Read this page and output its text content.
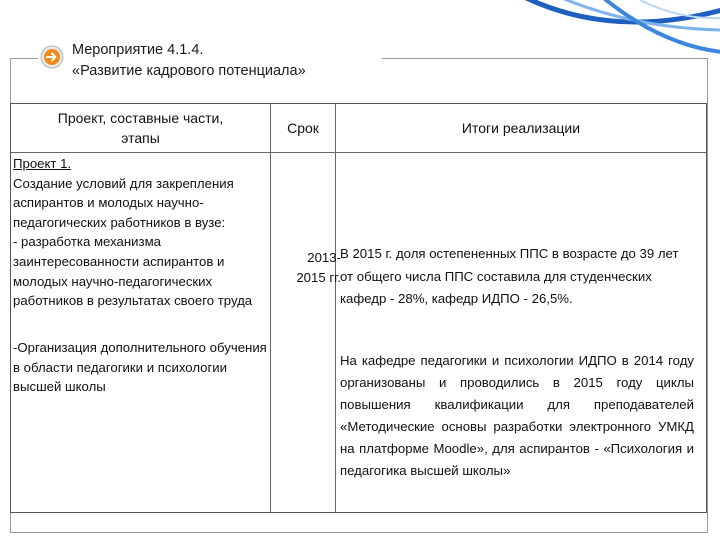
Мероприятие 4.1.4.
«Развитие кадрового потенциала»
Проект, составные части, этапы
Срок	Итоги реализации
Проект 1.
Создание условий для закрепления аспирантов и молодых научно-педагогических работников в вузе:
- разработка механизма заинтересованности аспирантов и молодых научно-педагогических работников в результатах своего труда
-Организация дополнительного обучения в области педагогики и психологии высшей школы
2013-
2015 гг.
В 2015 г. доля остепененных ППС в возрасте до 39 лет от общего числа ППС составила для студенческих кафедр - 28%, кафедр ИДПО - 26,5%.
На кафедре педагогики и психологии ИДПО в 2014 году организованы и проводились в 2015 году циклы повышения квалификации для преподавателей «Методические основы разработки электронного УМКД на платформе Moodle», для аспирантов - «Психология и педагогика высшей школы»
